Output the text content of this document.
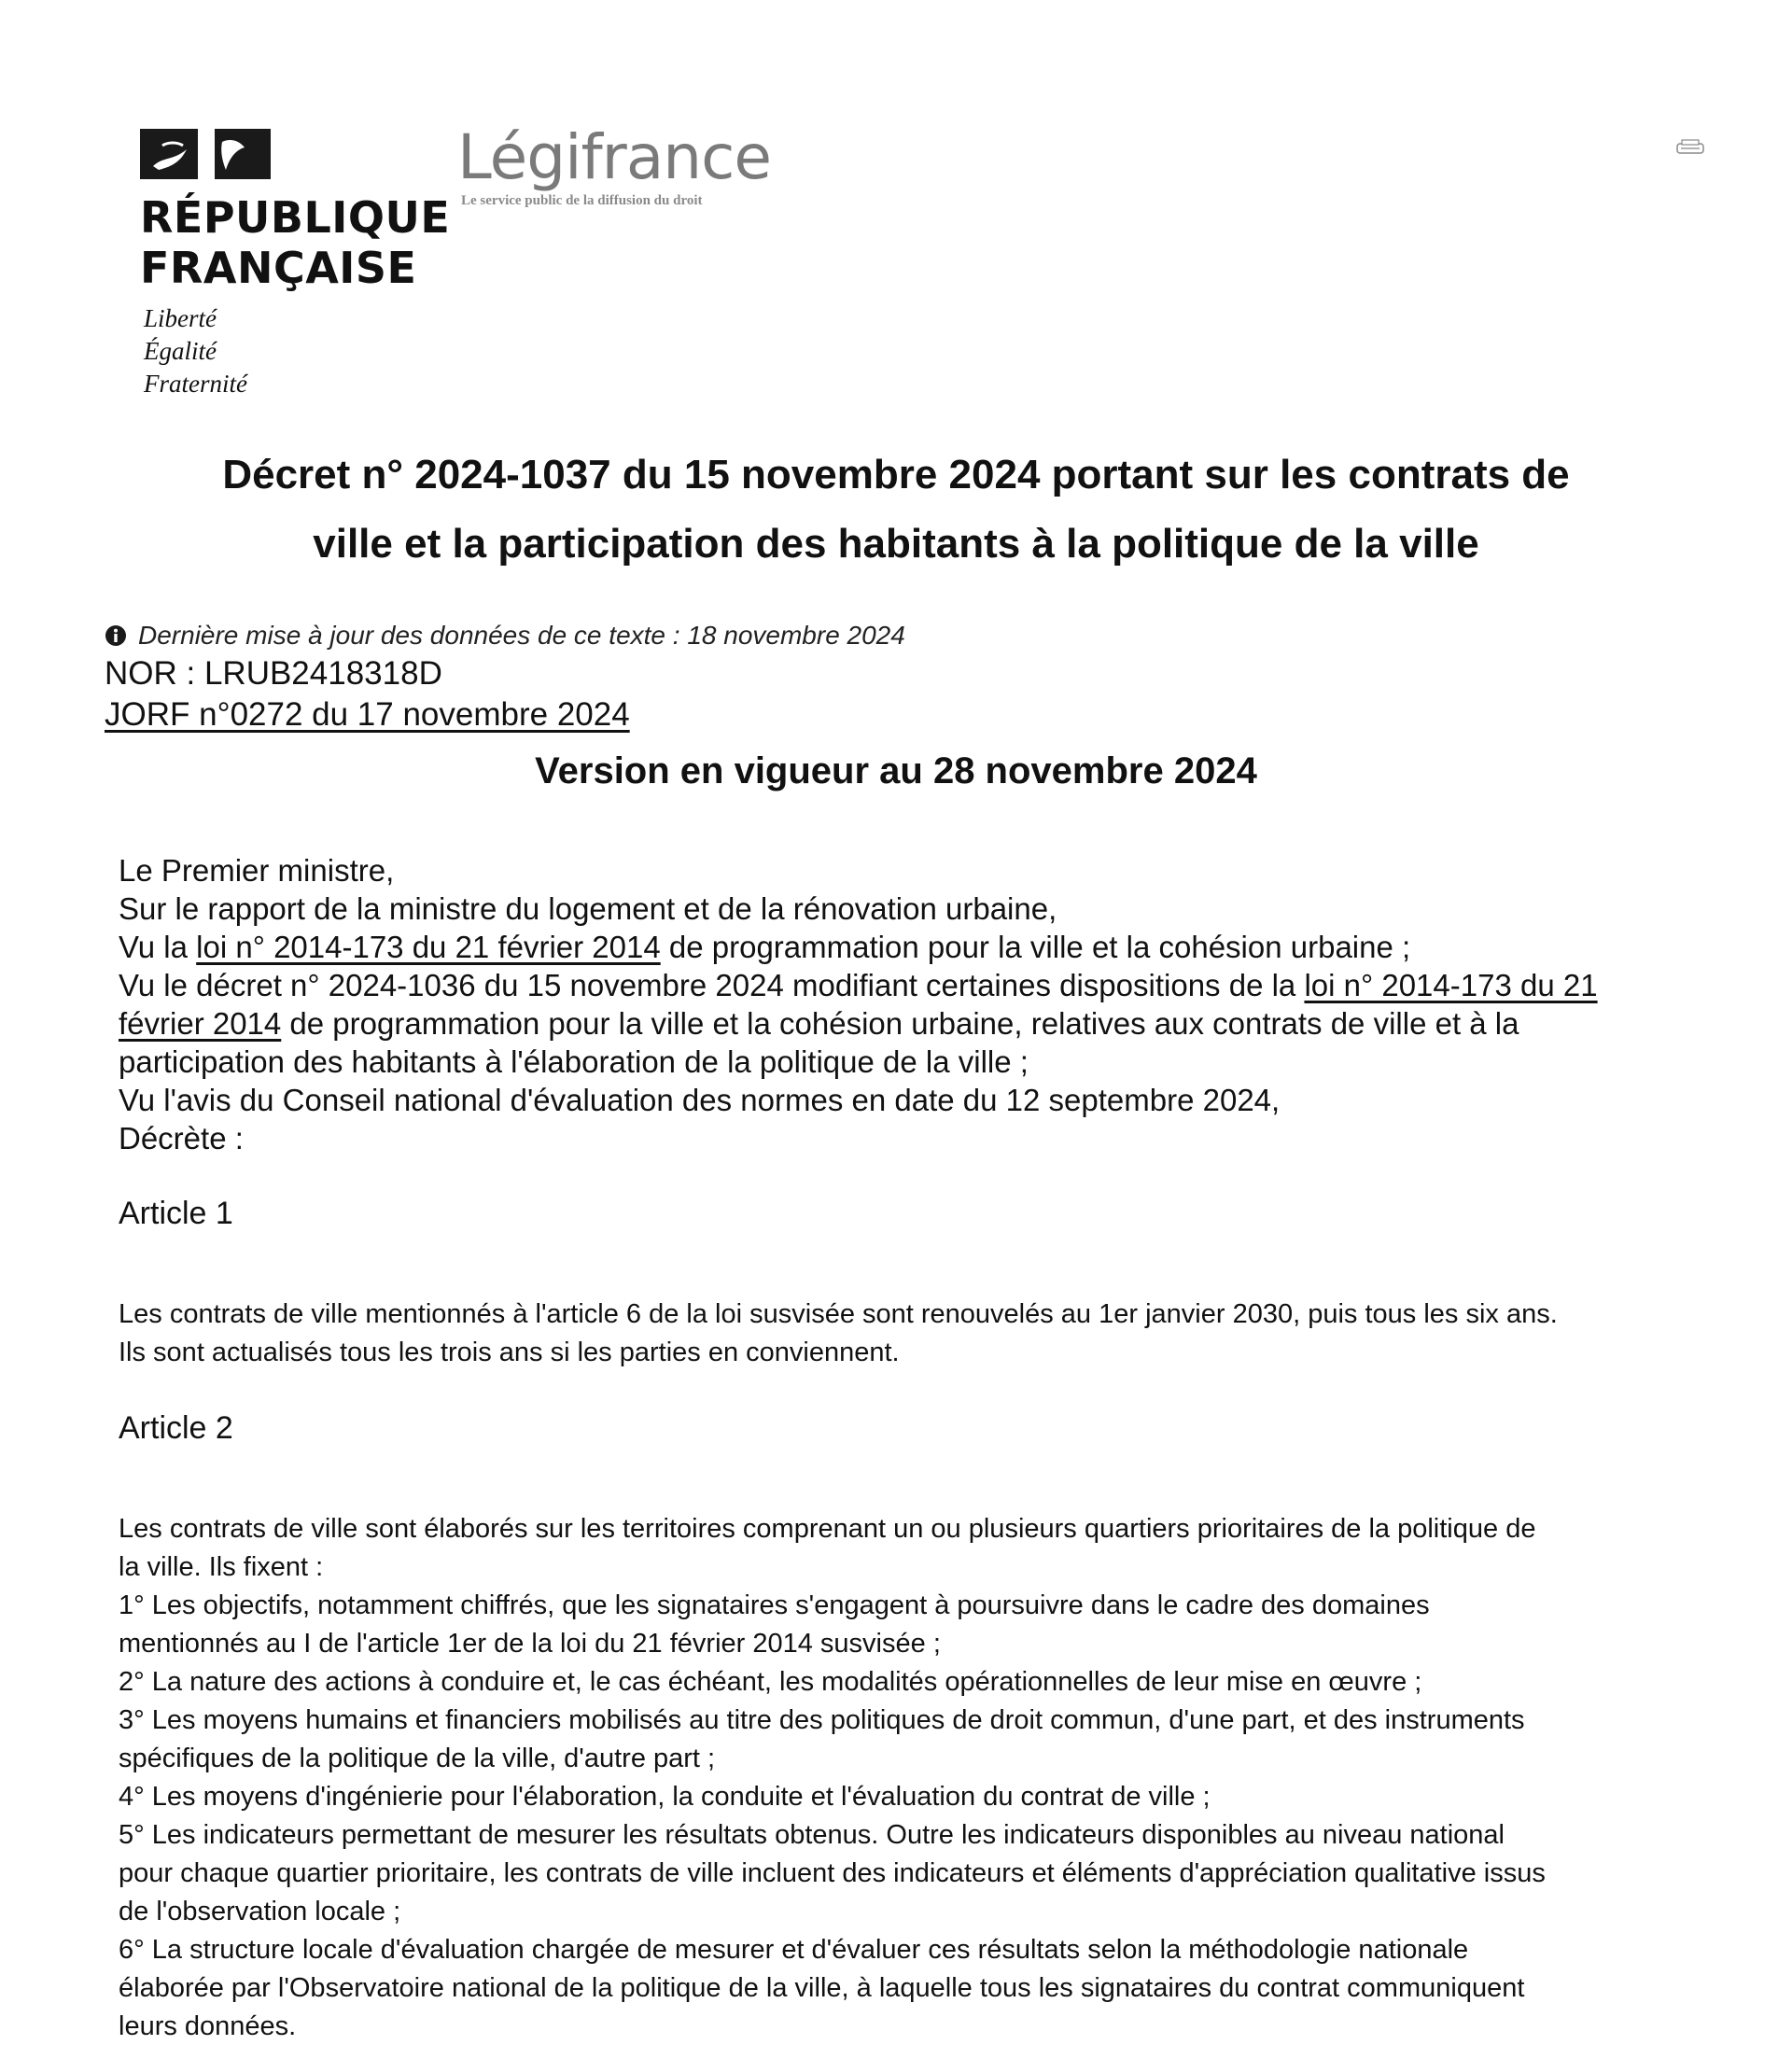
RÉPUBLIQUE
FRANÇAISE
Liberté
Égalité
Fraternité
Légifrance
Le service public de la diffusion du droit
Décret n° 2024-1037 du 15 novembre 2024 portant sur les contrats de
ville et la participation des habitants à la politique de la ville
Dernière mise à jour des données de ce texte : 18 novembre 2024
NOR : LRUB2418318D
JORF n°0272 du 17 novembre 2024
Version en vigueur au 28 novembre 2024

Le Premier ministre,

Sur le rapport de la ministre du logement et de la rénovation urbaine,

Vu la loi n° 2014-173 du 21 février 2014 de programmation pour la ville et la cohésion urbaine ;

Vu le décret n° 2024-1036 du 15 novembre 2024 modifiant certaines dispositions de la loi n° 2014-173 du 21

février 2014 de programmation pour la ville et la cohésion urbaine, relatives aux contrats de ville et à la

participation des habitants à l'élaboration de la politique de la ville ;

Vu l'avis du Conseil national d'évaluation des normes en date du 12 septembre 2024,

Décrète :

Article 1

Les contrats de ville mentionnés à l'article 6 de la loi susvisée sont renouvelés au 1er janvier 2030, puis tous les six ans.

Ils sont actualisés tous les trois ans si les parties en conviennent.

Article 2

Les contrats de ville sont élaborés sur les territoires comprenant un ou plusieurs quartiers prioritaires de la politique de

la ville. Ils fixent :

1° Les objectifs, notamment chiffrés, que les signataires s'engagent à poursuivre dans le cadre des domaines

mentionnés au I de l'article 1er de la loi du 21 février 2014 susvisée ;

2° La nature des actions à conduire et, le cas échéant, les modalités opérationnelles de leur mise en œuvre ;

3° Les moyens humains et financiers mobilisés au titre des politiques de droit commun, d'une part, et des instruments

spécifiques de la politique de la ville, d'autre part ;

4° Les moyens d'ingénierie pour l'élaboration, la conduite et l'évaluation du contrat de ville ;

5° Les indicateurs permettant de mesurer les résultats obtenus. Outre les indicateurs disponibles au niveau national

pour chaque quartier prioritaire, les contrats de ville incluent des indicateurs et éléments d'appréciation qualitative issus

de l'observation locale ;

6° La structure locale d'évaluation chargée de mesurer et d'évaluer ces résultats selon la méthodologie nationale

élaborée par l'Observatoire national de la politique de la ville, à laquelle tous les signataires du contrat communiquent

leurs données.
